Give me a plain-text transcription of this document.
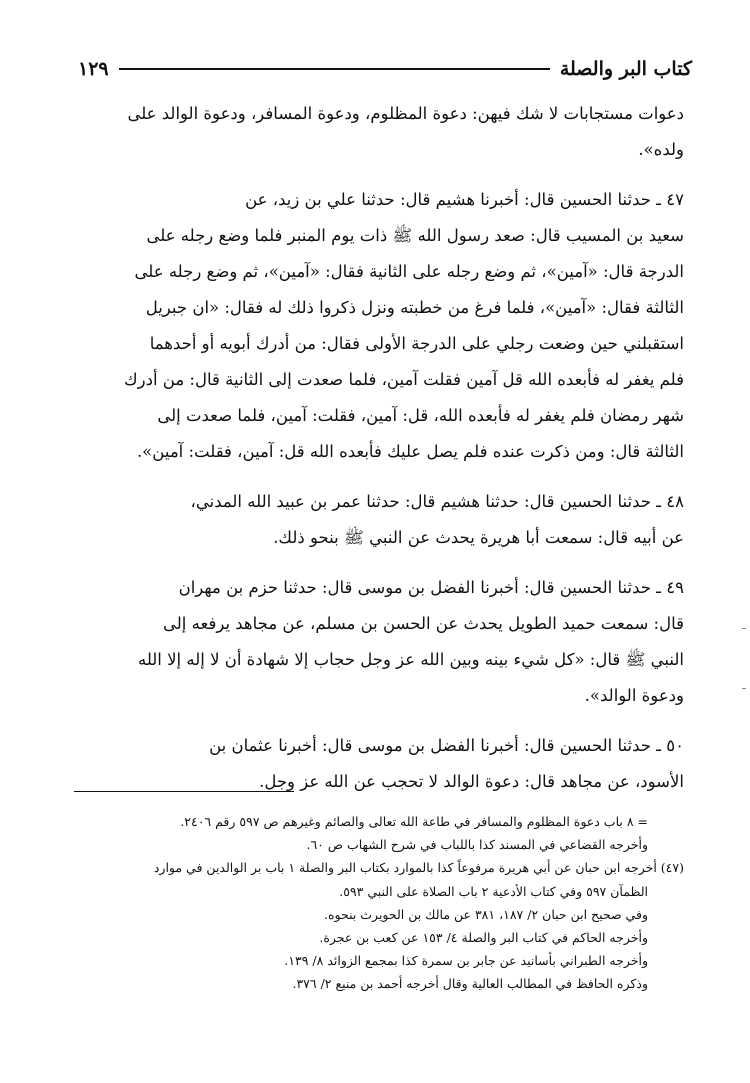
كتاب البر والصلة
١٢٩

دعوات مستجابات لا شك فيهن: دعوة المظلوم، ودعوة المسافر، ودعوة الوالد على

ولده».

٤٧ ـ حدثنا الحسين قال: أخبرنا هشيم قال: حدثنا علي بن زيد، عن

سعيد بن المسيب قال: صعد رسول الله ﷺ ذات يوم المنبر فلما وضع رجله على

الدرجة قال: «آمين»، ثم وضع رجله على الثانية فقال: «آمين»، ثم وضع رجله على

الثالثة فقال: «آمين»، فلما فرغ من خطبته ونزل ذكروا ذلك له فقال: «ان جبريل

استقبلني حين وضعت رجلي على الدرجة الأولى فقال: من أدرك أبويه أو أحدهما

فلم يغفر له فأبعده الله قل آمين فقلت آمين، فلما صعدت إلى الثانية قال: من أدرك

شهر رمضان فلم يغفر له فأبعده الله، قل: آمين، فقلت: آمين، فلما صعدت إلى

الثالثة قال: ومن ذكرت عنده فلم يصل عليك فأبعده الله قل: آمين، فقلت: آمين».

٤٨ ـ حدثنا الحسين قال: حدثنا هشيم قال: حدثنا عمر بن عبيد الله المدني،

عن أبيه قال: سمعت أبا هريرة يحدث عن النبي ﷺ بنحو ذلك.

٤٩ ـ حدثنا الحسين قال: أخبرنا الفضل بن موسى قال: حدثنا حزم بن مهران

قال: سمعت حميد الطويل يحدث عن الحسن بن مسلم، عن مجاهد يرفعه إلى

النبي ﷺ قال: «كل شيء بينه وبين الله عز وجل حجاب إلا شهادة أن لا إله إلا الله

ودعوة الوالد».

٥٠ ـ حدثنا الحسين قال: أخبرنا الفضل بن موسى قال: أخبرنا عثمان بن

الأسود، عن مجاهد قال: دعوة الوالد لا تحجب عن الله عز وجل.

= ٨ باب دعوة المظلوم والمسافر في طاعة الله تعالى والصائم وغيرهم ص ٥٩٧ رقم ٢٤٠٦.
وأخرجه القضاعي في المسند كذا باللباب في شرح الشهاب ص ٦٠.
(٤٧) أخرجه ابن حبان عن أبي هريرة مرفوعاً كذا بالموارد بكتاب البر والصلة ١ باب بر الوالدين في موارد
الظمآن ٥٩٧ وفي كتاب الأدعية ٢ باب الصلاة على النبي ٥٩٣.
وفي صحيح ابن حبان ٢/ ١٨٧، ٣٨١ عن مالك بن الحويرث بنحوه.
وأخرجه الحاكم في كتاب البر والصلة ٤/ ١٥٣ عن كعب بن عجرة.
وأخرجه الطبراني بأسانيد عن جابر بن سمرة كذا بمجمع الزوائد ٨/ ١٣٩.
وذكره الحافظ في المطالب العالية وقال أخرجه أحمد بن منيع ٢/ ٣٧٦.
